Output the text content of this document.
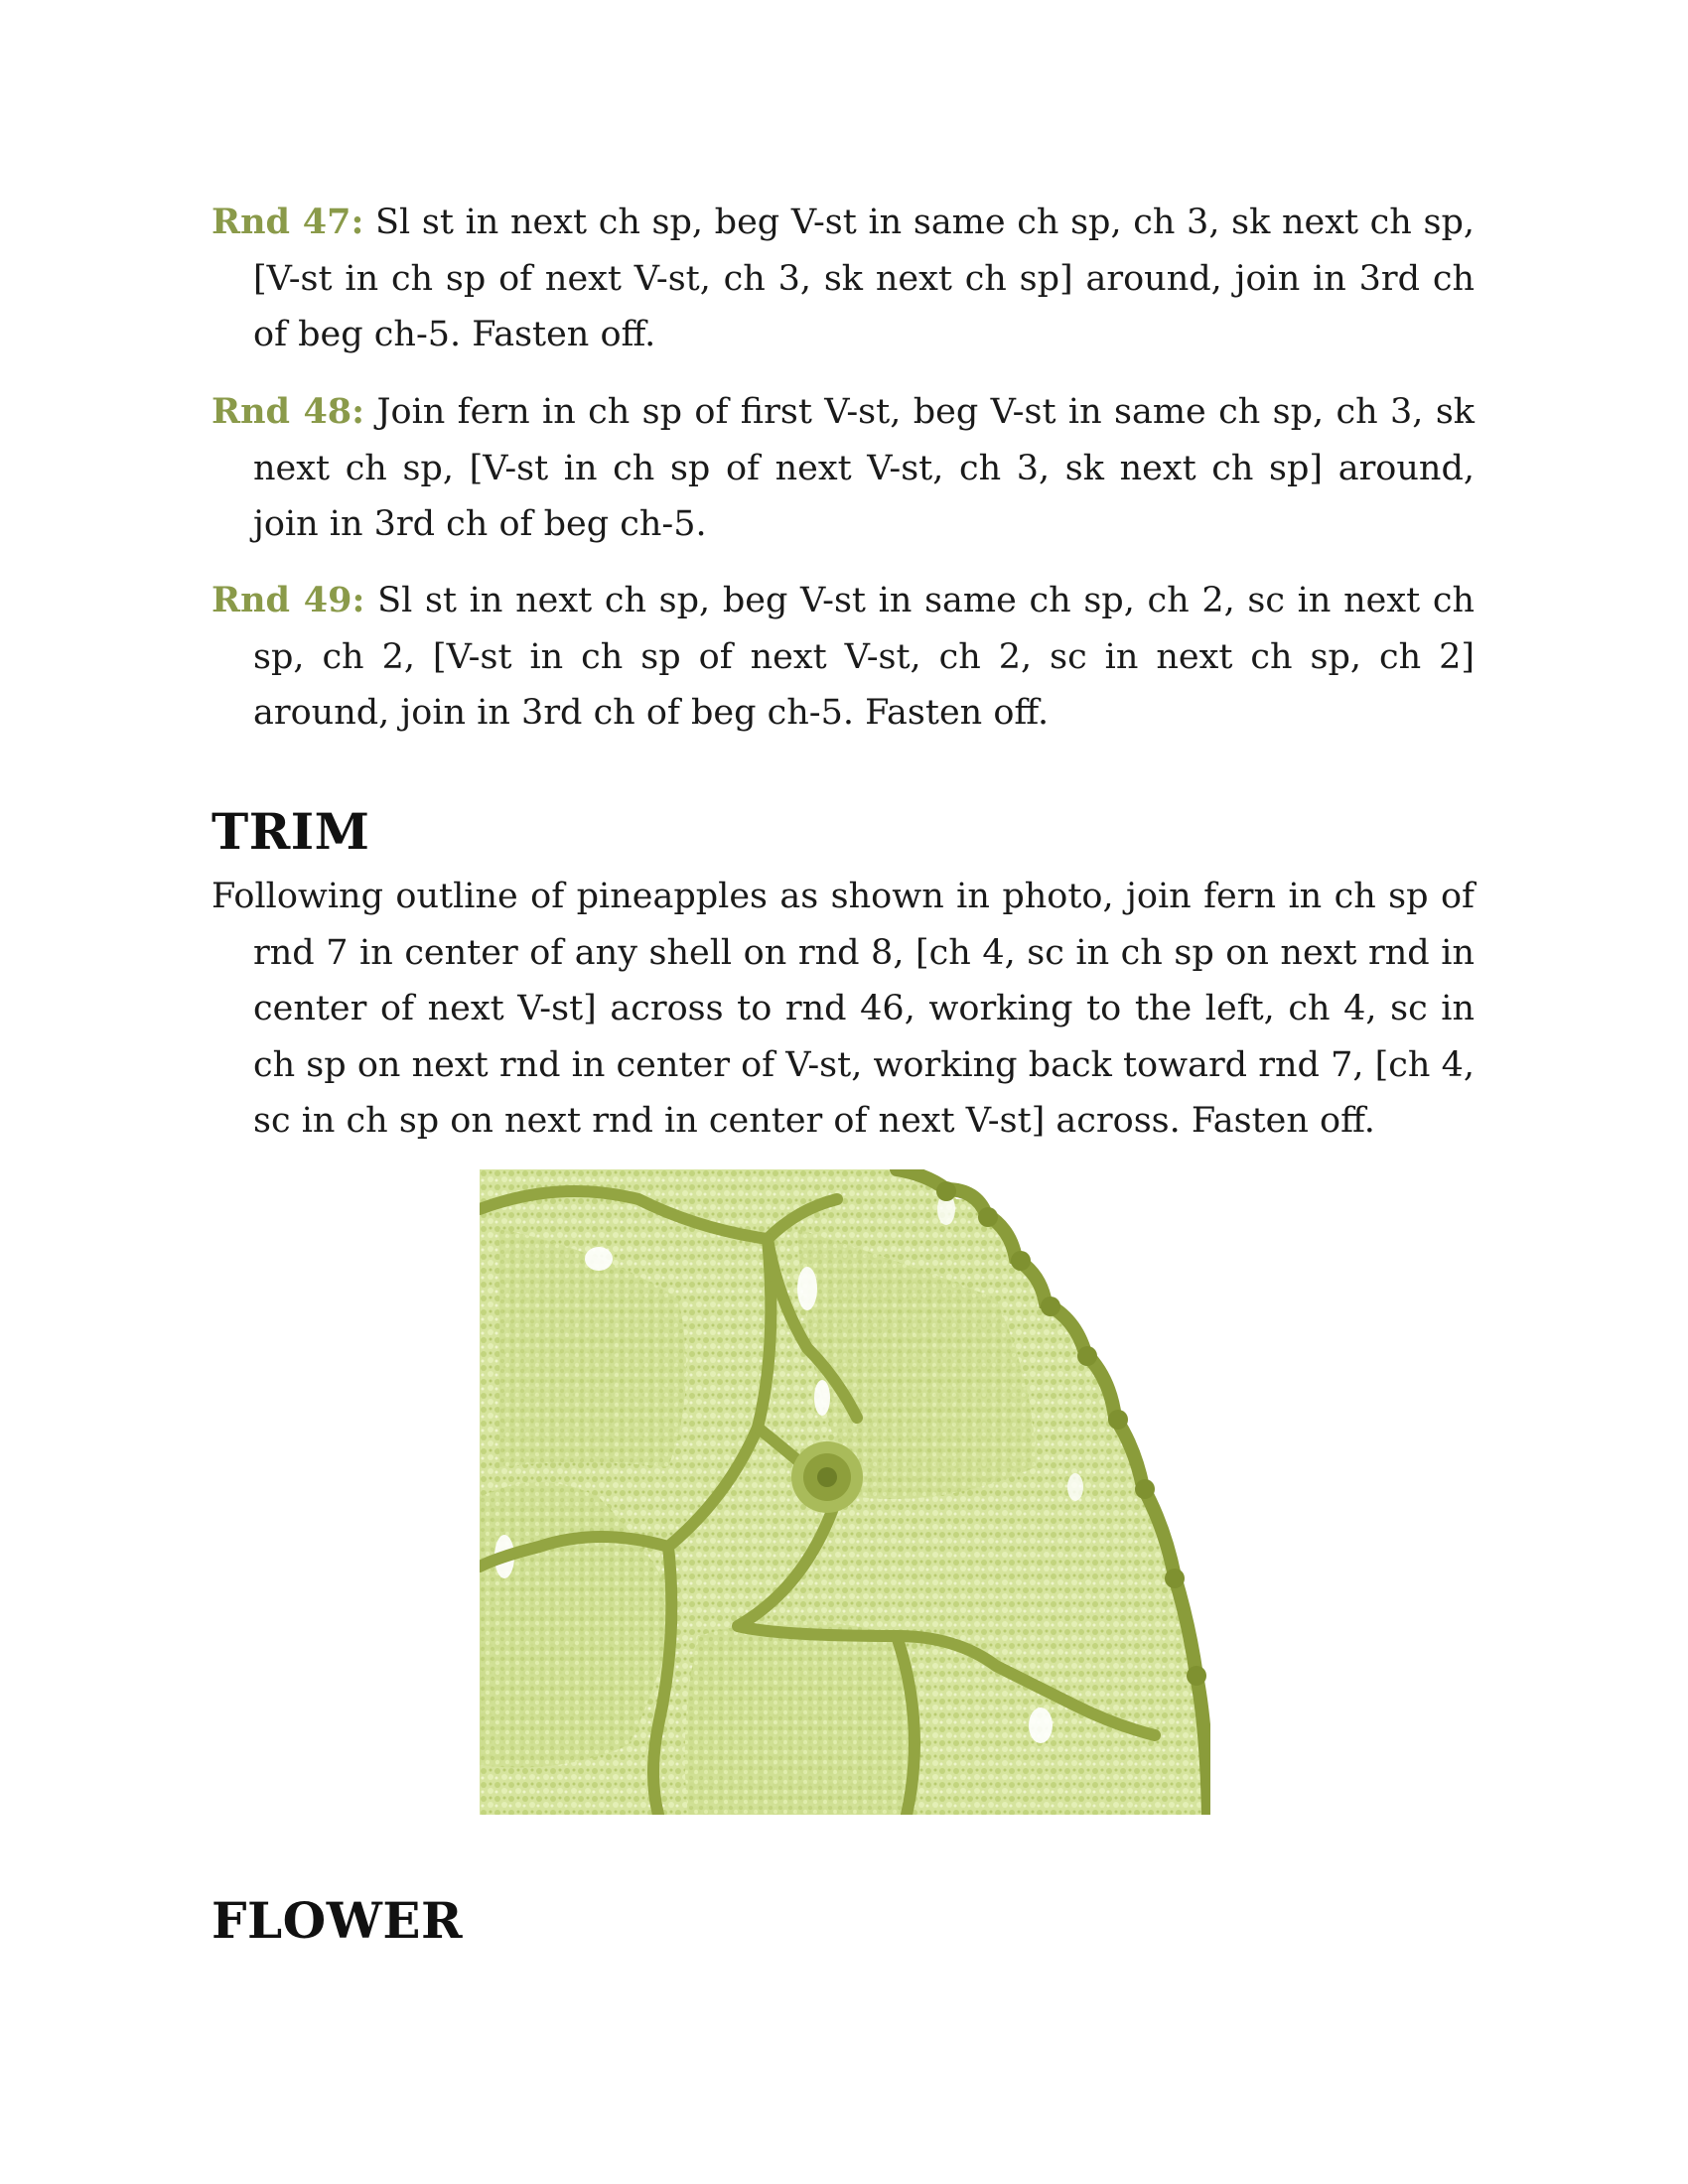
Rnd 47: Sl st in next ch sp, beg V-st in same ch sp, ch 3, sk next ch sp, [V-st in ch sp of next V-st, ch 3, sk next ch sp] around, join in 3rd ch of beg ch-5. Fasten off.

Rnd 48: Join fern in ch sp of first V-st, beg V-st in same ch sp, ch 3, sk next ch sp, [V-st in ch sp of next V-st, ch 3, sk next ch sp] around, join in 3rd ch of beg ch-5.

Rnd 49: Sl st in next ch sp, beg V-st in same ch sp, ch 2, sc in next ch sp, ch 2, [V-st in ch sp of next V-st, ch 2, sc in next ch sp, ch 2] around, join in 3rd ch of beg ch-5. Fasten off.

TRIM

Following outline of pineapples as shown in photo, join fern in ch sp of rnd 7 in center of any shell on rnd 8, [ch 4, sc in ch sp on next rnd in center of next V-st] across to rnd 46, working to the left, ch 4, sc in ch sp on next rnd in center of V-st, working back toward rnd 7, [ch 4, sc in ch sp on next rnd in center of next V-st] across. Fasten off.

FLOWER
